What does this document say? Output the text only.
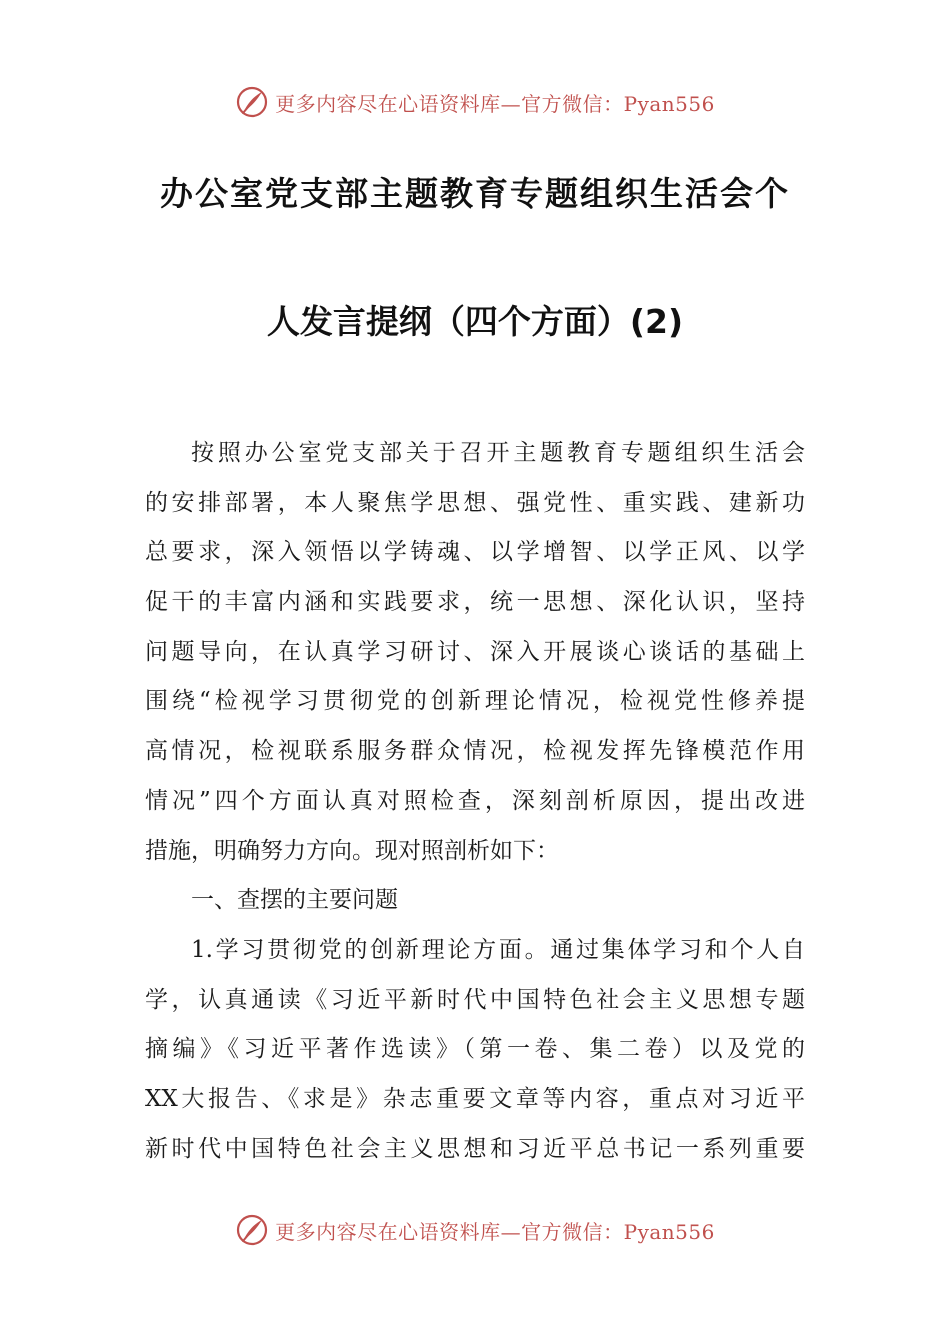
更多内容尽在心语资料库—官方微信：Pyan556
办公室党支部主题教育专题组织生活会个
人发言提纲（四个方面）(2)
按照办公室党支部关于召开主题教育专题组织生活会
的安排部署，本人聚焦学思想、强党性、重实践、建新功
总要求，深入领悟以学铸魂、以学增智、以学正风、以学
促干的丰富内涵和实践要求，统一思想、深化认识，坚持
问题导向，在认真学习研讨、深入开展谈心谈话的基础上
围绕“检视学习贯彻党的创新理论情况，检视党性修养提
高情况，检视联系服务群众情况，检视发挥先锋模范作用
情况”四个方面认真对照检查，深刻剖析原因，提出改进
措施，明确努力方向。现对照剖析如下：
一、查摆的主要问题
1.学习贯彻党的创新理论方面。通过集体学习和个人自
学，认真通读《习近平新时代中国特色社会主义思想专题
摘编》《习近平著作选读》（第一卷、集二卷）以及党的
XX大报告、《求是》杂志重要文章等内容，重点对习近平
新时代中国特色社会主义思想和习近平总书记一系列重要
更多内容尽在心语资料库—官方微信：Pyan556
